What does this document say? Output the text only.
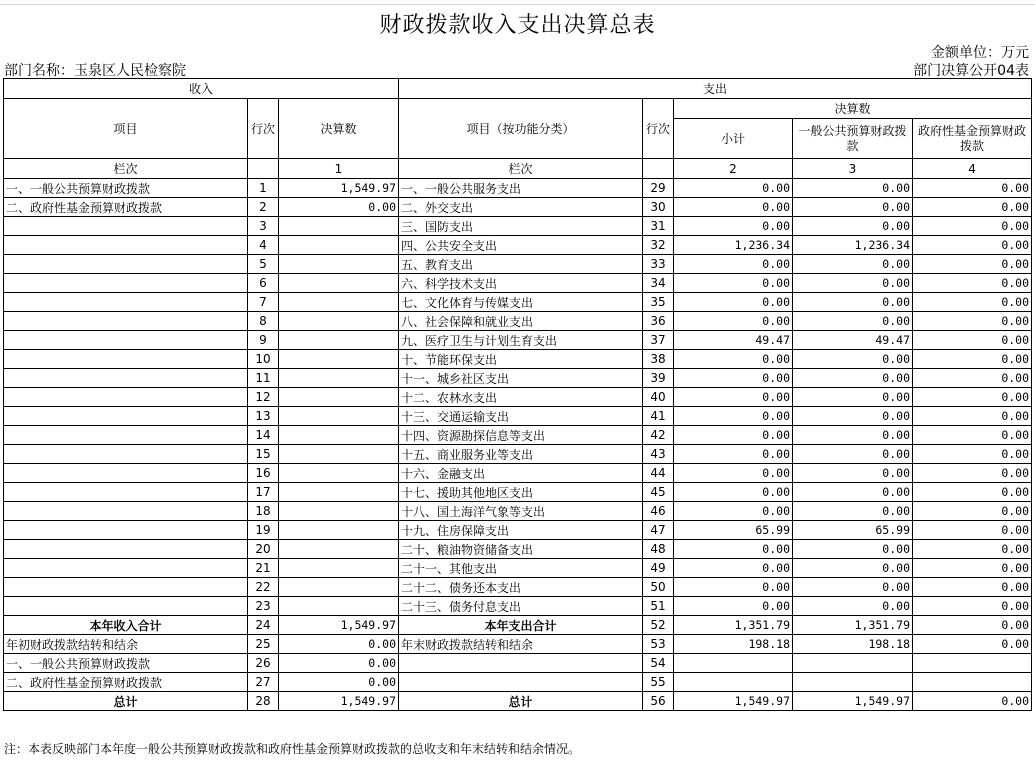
财政拨款收入支出决算总表
金额单位：万元
部门名称：玉泉区人民检察院	部门决算公开04表
收入			支出				
项目	行次	决算数	项目（按功能分类）	行次	决算数		
					小计	一般公共预算财政拨款	政府性基金预算财政拨款
栏次		1	栏次		2	3	4
一、一般公共预算财政拨款	1	1,549.97	一、一般公共服务支出	29	0.00	0.00	0.00
二、政府性基金预算财政拨款	2	0.00	二、外交支出	30	0.00	0.00	0.00
	3		三、国防支出	31	0.00	0.00	0.00
	4		四、公共安全支出	32	1,236.34	1,236.34	0.00
	5		五、教育支出	33	0.00	0.00	0.00
	6		六、科学技术支出	34	0.00	0.00	0.00
	7		七、文化体育与传媒支出	35	0.00	0.00	0.00
	8		八、社会保障和就业支出	36	0.00	0.00	0.00
	9		九、医疗卫生与计划生育支出	37	49.47	49.47	0.00
	10		十、节能环保支出	38	0.00	0.00	0.00
	11		十一、城乡社区支出	39	0.00	0.00	0.00
	12		十二、农林水支出	40	0.00	0.00	0.00
	13		十三、交通运输支出	41	0.00	0.00	0.00
	14		十四、资源勘探信息等支出	42	0.00	0.00	0.00
	15		十五、商业服务业等支出	43	0.00	0.00	0.00
	16		十六、金融支出	44	0.00	0.00	0.00
	17		十七、援助其他地区支出	45	0.00	0.00	0.00
	18		十八、国土海洋气象等支出	46	0.00	0.00	0.00
	19		十九、住房保障支出	47	65.99	65.99	0.00
	20		二十、粮油物资储备支出	48	0.00	0.00	0.00
	21		二十一、其他支出	49	0.00	0.00	0.00
	22		二十二、债务还本支出	50	0.00	0.00	0.00
	23		二十三、债务付息支出	51	0.00	0.00	0.00
本年收入合计	24	1,549.97	本年支出合计	52	1,351.79	1,351.79	0.00
年初财政拨款结转和结余	25	0.00	年末财政拨款结转和结余	53	198.18	198.18	0.00
一、一般公共预算财政拨款	26	0.00		54			
二、政府性基金预算财政拨款	27	0.00		55			
总计	28	1,549.97	总计	56	1,549.97	1,549.97	0.00
注：本表反映部门本年度一般公共预算财政拨款和政府性基金预算财政拨款的总收支和年末结转和结余情况。
